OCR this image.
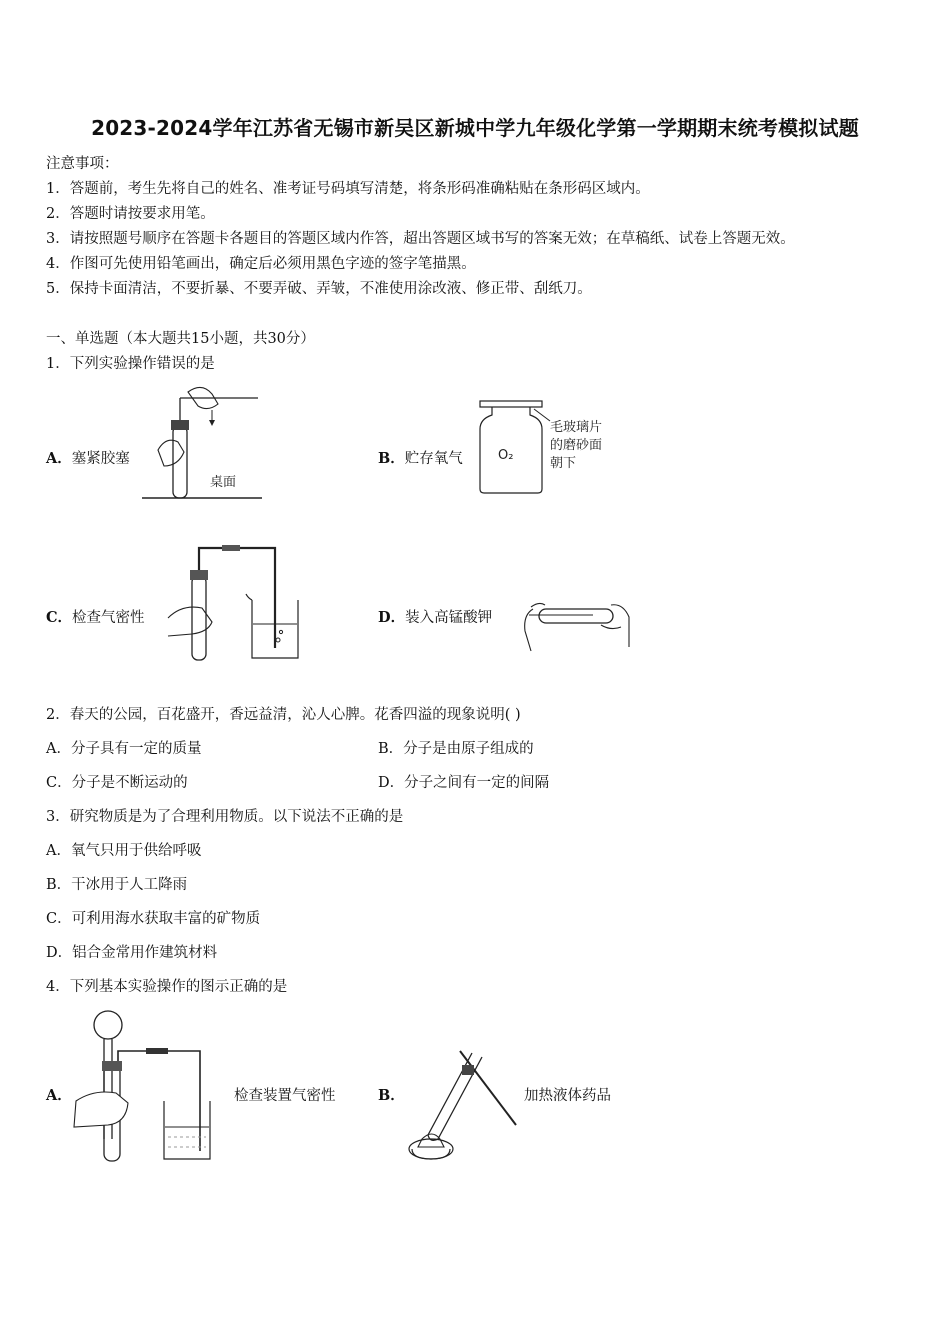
2023-2024学年江苏省无锡市新吴区新城中学九年级化学第一学期期末统考模拟试题
注意事项：
1．答题前，考生先将自己的姓名、准考证号码填写清楚，将条形码准确粘贴在条形码区域内。
2．答题时请按要求用笔。
3．请按照题号顺序在答题卡各题目的答题区域内作答，超出答题区域书写的答案无效；在草稿纸、试卷上答题无效。
4．作图可先使用铅笔画出，确定后必须用黑色字迹的签字笔描黑。
5．保持卡面清洁，不要折暴、不要弄破、弄皱，不准使用涂改液、修正带、刮纸刀。
一、单选题（本大题共15小题，共30分）
1．下列实验操作错误的是
A．塞紧胶塞
桌面
B．贮存氧气	O₂
毛玻璃片
的磨砂面
朝下
C．检查气密性	D．装入高锰酸钾
2．春天的公园，百花盛开，香远益清，沁人心脾。花香四溢的现象说明( )
A．分子具有一定的质量	B．分子是由原子组成的
C．分子是不断运动的	D．分子之间有一定的间隔
3．研究物质是为了合理利用物质。以下说法不正确的是
A．氧气只用于供给呼吸
B．干冰用于人工降雨
C．可利用海水获取丰富的矿物质
D．铝合金常用作建筑材料
4．下列基本实验操作的图示正确的是
A．	检查装置气密性	B．	加热液体药品
